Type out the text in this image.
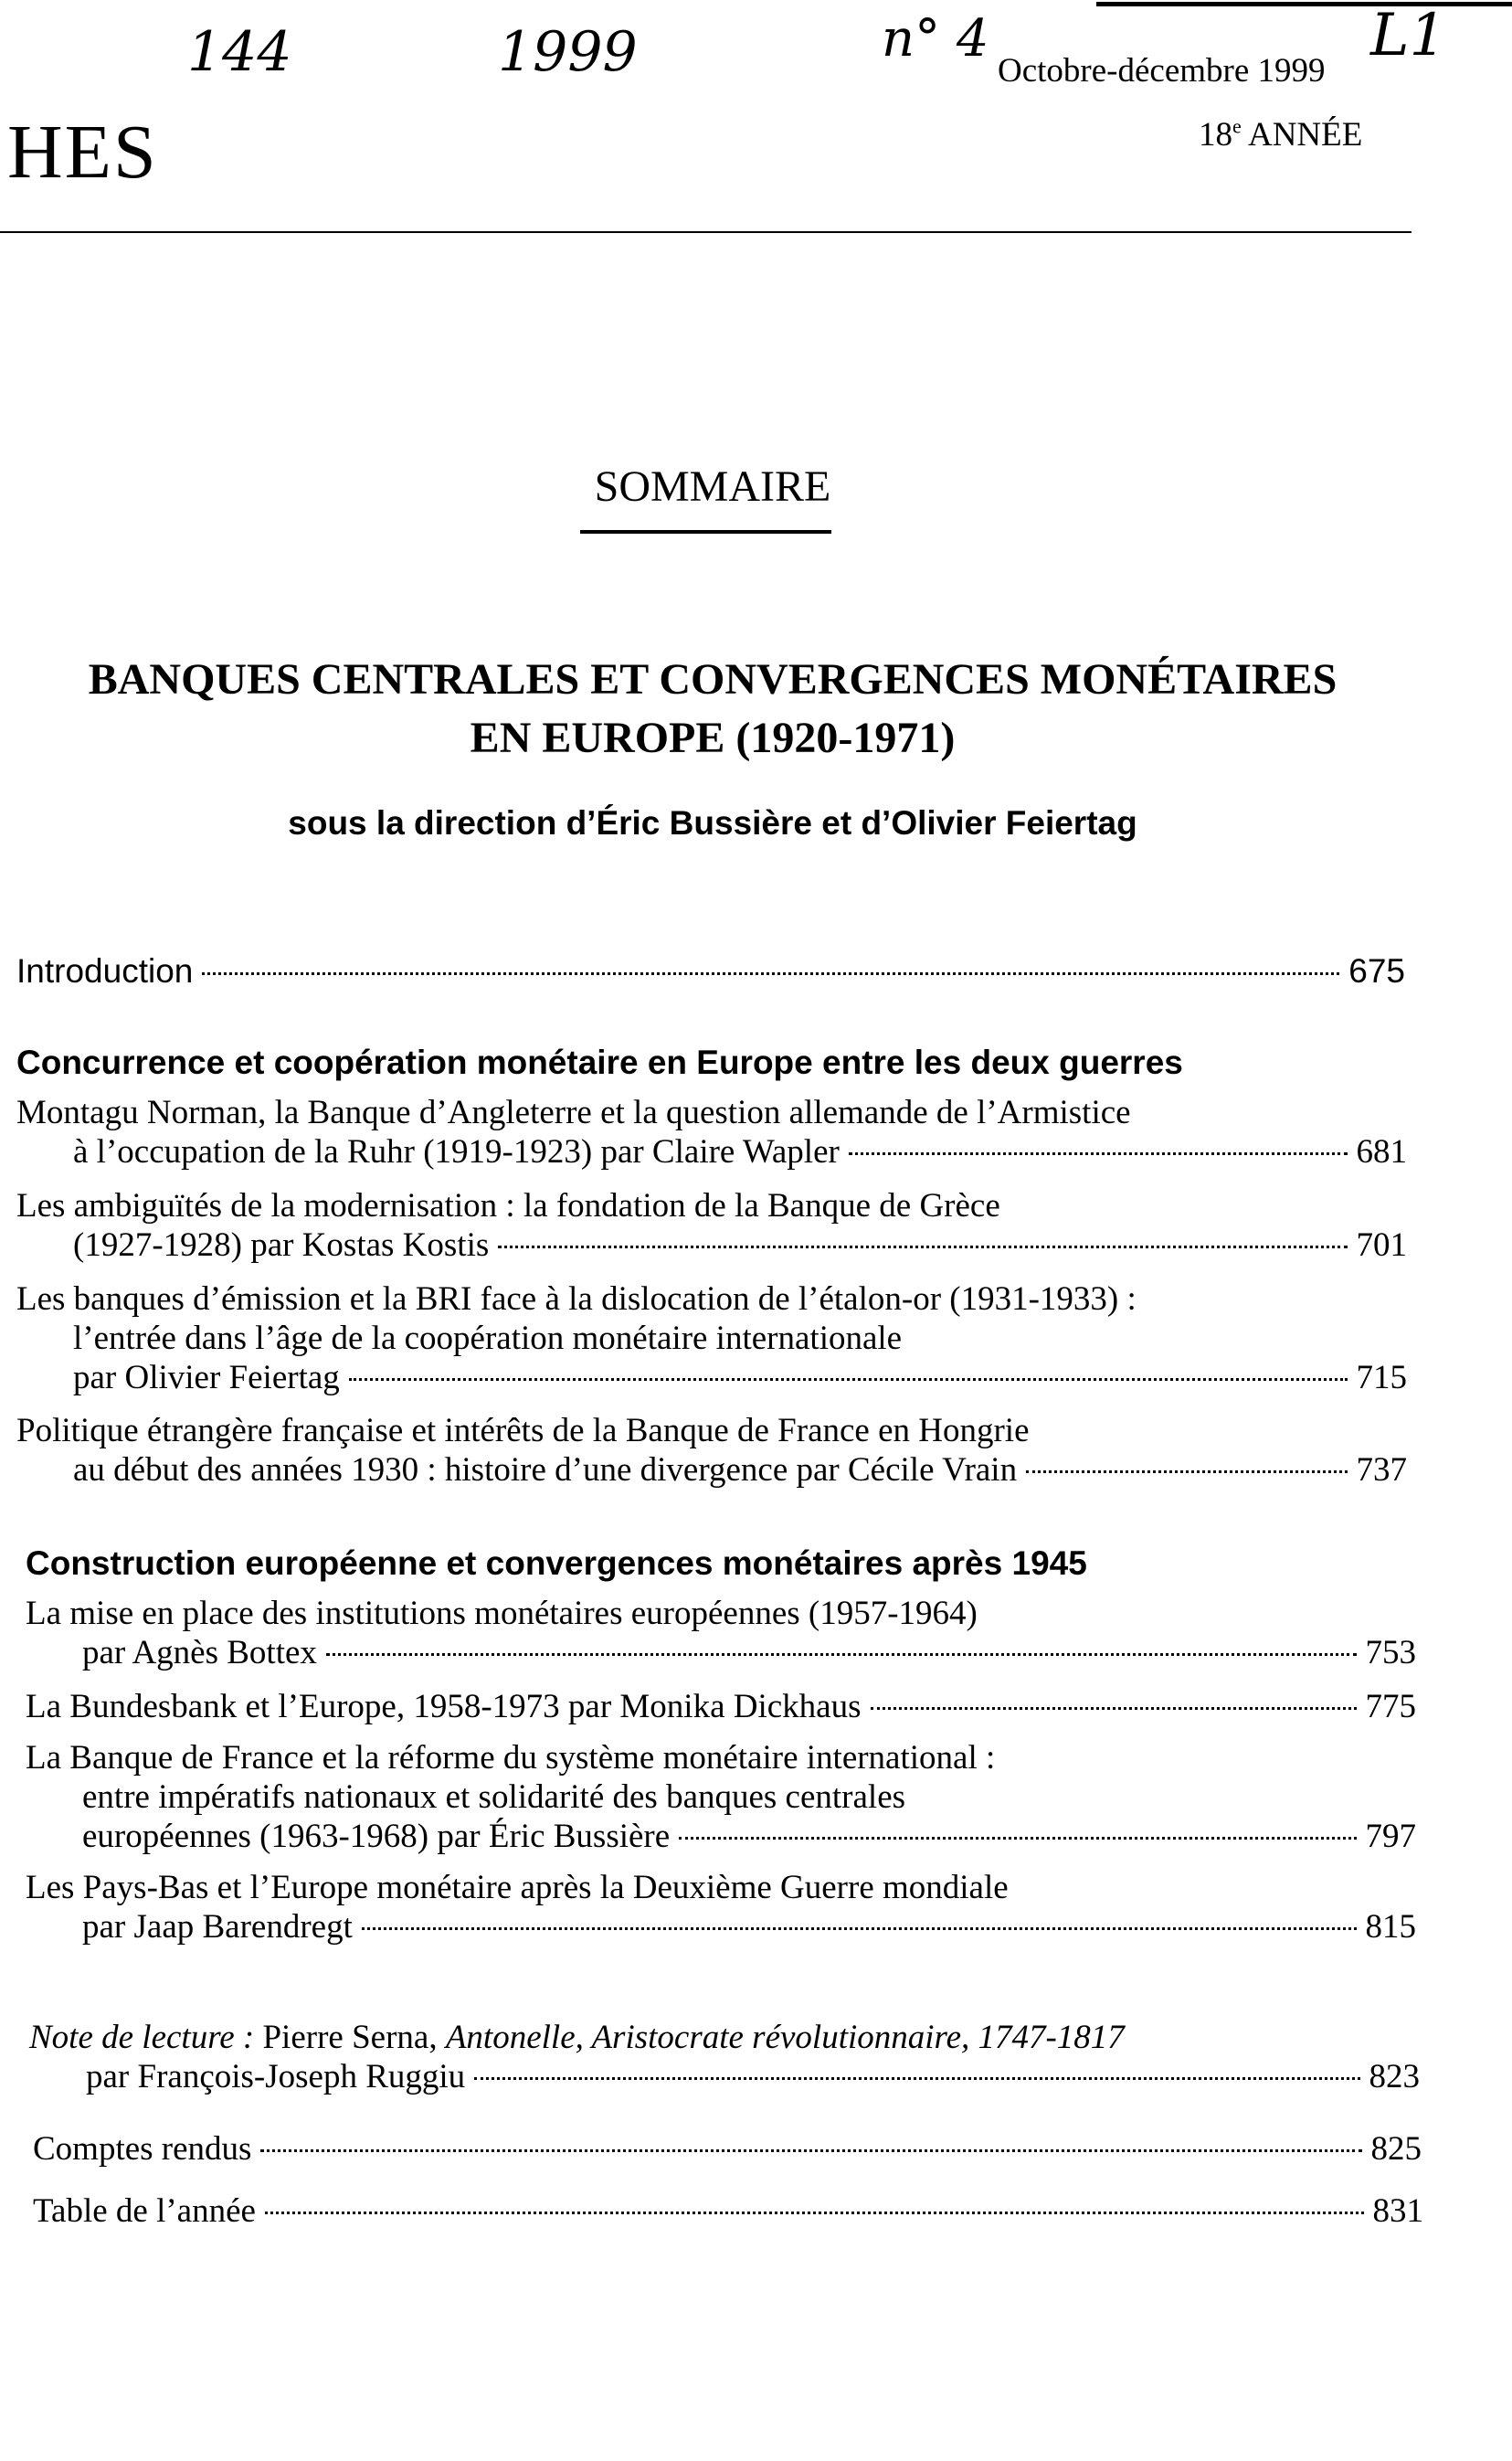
144	1999	n° 4	L1
HES
Octobre-décembre 1999
18e ANNÉE
SOMMAIRE
BANQUES CENTRALES ET CONVERGENCES MONÉTAIRES
EN EUROPE (1920-1971)
sous la direction d’Éric Bussière et d’Olivier Feiertag
Introduction	675
Concurrence et coopération monétaire en Europe entre les deux guerres
Montagu Norman, la Banque d’Angleterre et la question allemande de l’Armistice
à l’occupation de la Ruhr (1919-1923) par Claire Wapler	681
Les ambiguïtés de la modernisation : la fondation de la Banque de Grèce
(1927-1928) par Kostas Kostis	701
Les banques d’émission et la BRI face à la dislocation de l’étalon-or (1931-1933) :
l’entrée dans l’âge de la coopération monétaire internationale
par Olivier Feiertag	715
Politique étrangère française et intérêts de la Banque de France en Hongrie
au début des années 1930 : histoire d’une divergence par Cécile Vrain	737
Construction européenne et convergences monétaires après 1945
La mise en place des institutions monétaires européennes (1957-1964)
par Agnès Bottex	753
La Bundesbank et l’Europe, 1958-1973 par Monika Dickhaus	775
La Banque de France et la réforme du système monétaire international :
entre impératifs nationaux et solidarité des banques centrales
européennes (1963-1968) par Éric Bussière	797
Les Pays-Bas et l’Europe monétaire après la Deuxième Guerre mondiale
par Jaap Barendregt	815
Note de lecture : Pierre Serna, Antonelle, Aristocrate révolutionnaire, 1747-1817
par François-Joseph Ruggiu	823
Comptes rendus	825
Table de l’année	831
